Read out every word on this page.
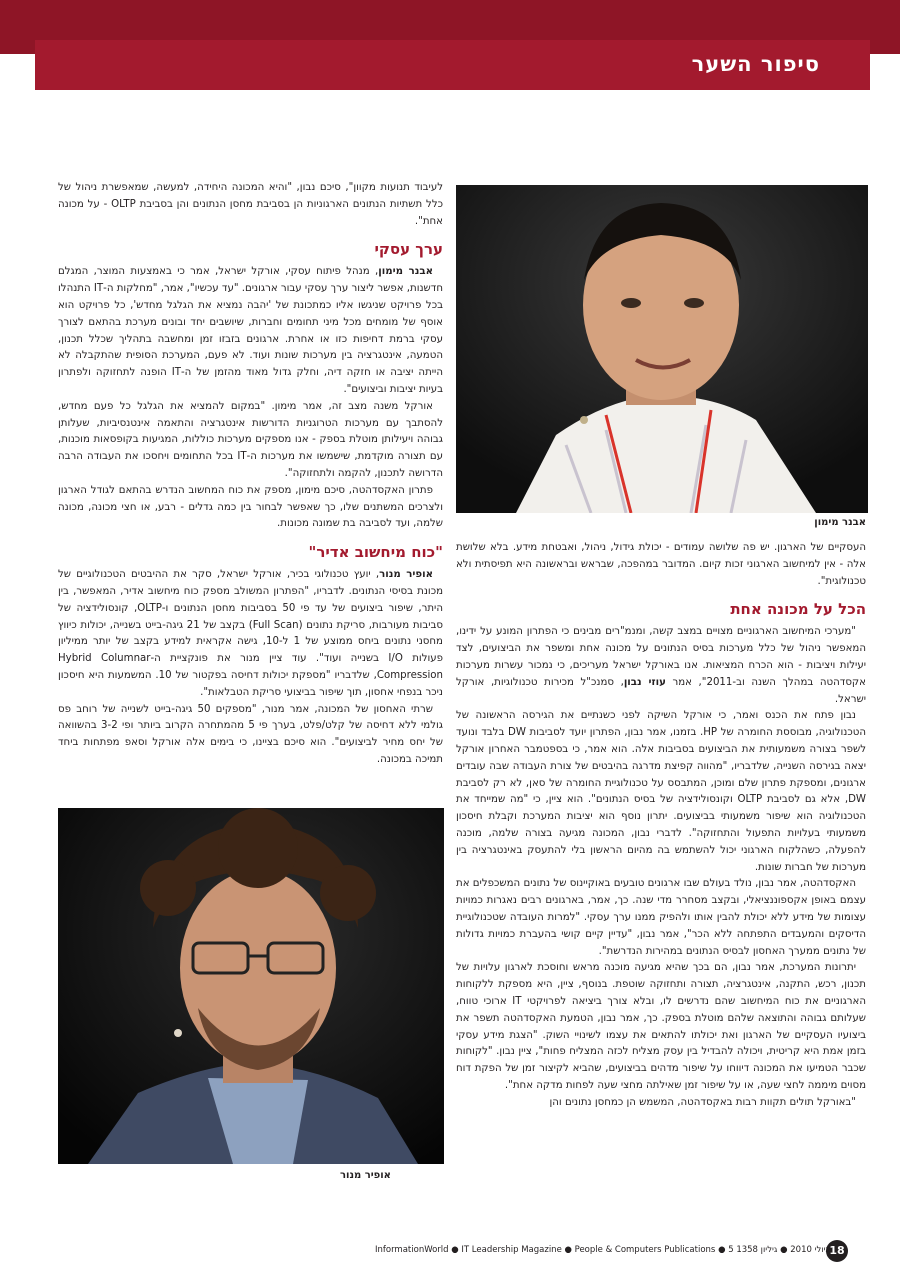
סיפור השער
אבנר מימון
אופיר מנור

לעיבוד תנועות מקוון", סיכם נבון, "והיא המכונה היחידה, למעשה, שמאפשרת ניהול של כלל תשתיות הנתונים הארגוניות הן בסביבת מחסן הנתונים והן בסביבת OLTP - על מכונה אחת".

ערך עסקי

אבנר מימון, מנהל פיתוח עסקי, אורקל ישראל, אמר כי באמצעות המוצר, המגלם חדשנות, אפשר ליצור ערך עסקי עבור ארגונים. "עד עכשיו", אמר, "מחלקות ה-IT התנהלו בכל פרויקט שניגשו אליו כמתכונת של 'יהבה נמציא את הגלגל מחדש', כל פרויקט הוא אוסף של מומחים מכל מיני תחומים וחברות, שיושבים יחד ובונים מערכת בהתאם לצורך עסקי ברמת דחיפות כזו או אחרת. ארגונים בזבזו זמן ומחשבה בתהליך שכלל תכנון, הטמעה, אינטגרציה בין מערכות שונות ועוד. לא פעם, המערכת הסופית שהתקבלה לא הייתה יציבה או חזקה דיה, וחלק גדול מאוד מהזמן של ה-IT הופנה לתחזוקה ולפתרון בעיות יציבות וביצועים".

אורקל משנה מצב זה, אמר מימון. "במקום להמציא את הגלגל כל פעם מחדש, להסתבך עם מערכות הטרוגניות הדורשות אינטגרציה והתאמה אינטנסיביות, שעלותן גבוהה ויעילותן מוטלת בספק - אנו מספקים מערכות כוללות, המגיעות בקופסאות מוכנות, עם תצורה מוקדמת, שישמשו את מערכות ה-IT בכל התחומים ויחסכו את העבודה הרבה הדרושה לתכנון, להקמה ולתחזוקה".

פתרון האקסדהטה, סיכם מימון, מספק את כוח המחשוב הנדרש בהתאם לגודל הארגון ולצרכים המשתנים שלו, כך שאפשר לבחור בין כמה גדלים - רבע, או חצי מכונה, מכונה שלמה, ועד לסביבה בת שמונה מכונות.

"כוח מיחשוב אדיר"

אופיר מנור, יועץ טכנולוגי בכיר, אורקל ישראל, סקר את ההיבטים הטכנולוגיים של מכונת בסיסי הנתונים. לדבריו, "הפתרון המשולב מספק כוח מיחשוב אדיר, המאפשר, בין היתר, שיפור ביצועים של עד פי 50 בסביבות מחסן הנתונים ו-OLTP, קונסולידציה של סביבות מעורבות, סריקת נתונים (Full Scan) בקצב של 21 גיגה-בייט בשנייה, יכולות כיווץ מחסני נתונים ביחס ממוצע של 1 ל-10, גישה אקראית למידע בקצב של יותר ממיליון פעולות I/O בשנייה ועוד". עוד ציין מנור את פונקציית ה-Hybrid Columnar Compression, שלדבריו "מספקת יכולות דחיסה בפקטור של 10. המשמעות היא חיסכון ניכר בנפחי אחסון, תוך שיפור בביצועי סריקת הטבלאות".

שרתי האחסון של המכונה, אמר מנור, "מספקים 50 גיגה-בייט לשנייה של רוחב פס גולמי ללא דחיסה של קלט/פלט, בערך פי 5 מהמתחרה הקרוב ביותר ופי 3-2 בהשוואה של יחס מחיר לביצועים". הוא סיכם בציינו, כי בימים אלה אורקל וסאפ מפתחות ביחד תמיכה במכונה.

העסקיים של הארגון. יש פה שלושה עמודים - יכולת גידול, ניהול, ואבטחת מידע. בלא שלושת אלה - אין למיחשוב הארגוני זכות קיום. המדובר במהפכה, שבראש ובראשונה היא תפיסתית ולא טכנולוגית".

הכל על מכונה אחת

"מערכי המיחשוב הארגוניים מצויים במצב קשה, ומנמ"רים מבינים כי הפתרון המונע על ידינו, המאפשר ניהול של כלל מערכות בסיס הנתונים על מכונה אחת ומשפר את הביצועים, לצד יעילות ויציבות - הוא הכרח המציאות. אנו באורקל ישראל מעריכים, כי נמכור עשרות מערכות אקסדהטה במהלך השנה וב-2011", אמר עוזי נבון, סמנכ"ל מכירות טכנולוגיות, אורקל ישראל.

נבון פתח את הכנס ואמר, כי אורקל השיקה לפני כשנתיים את הגירסה הראשונה של הטכנולוגיה, מבוססת החומרה של HP. בזמנו, אמר נבון, הפתרון יועד לסביבות DW בלבד ונועד לשפר בצורה משמעותית את הביצועים בסביבות אלה. הוא אמר, כי בספטמבר האחרון אורקל יצאה בגירסה השנייה, שלדבריו, "מהווה קפיצת מדרגה בהיבטים של צורת העבודה שבה עובדים ארגונים, ומספקת פתרון שלם ומוכן, המתבסס על טכנולוגיית החומרה של סאן, לא רק לסביבת DW, אלא גם לסביבת OLTP וקונסולידציה של בסיס הנתונים". הוא ציין, כי "מה שמייחד את הטכנולוגיה הוא שיפור משמעותי בביצועים. יתרון נוסף הוא יציבות המערכת וקבלת חיסכון משמעותי בעלויות התפעול והתחזוקה". לדברי נבון, המכונה מגיעה בצורה שלמה, מוכנה להפעלה, כשהלקוח הארגוני יכול להשתמש בה מהיום הראשון בלי להתעסק באינטגרציה בין מערכות של חברות שונות.

האקסדהטה, אמר נבון, נולד בעולם שבו ארגונים טובעים באוקיינוס של נתונים המשכפלים את עצמם באופן אקספוננציאלי, ובקצב מסחרר מדי שנה. כך, אמר, בארגונים רבים נאגרות כמויות עצומות של מידע ללא יכולת להבין אותו ולהפיק ממנו ערך עסקי. "למרות העובדה שטכנולוגיית הדיסקים והמעבדים התפתחה ללא הכר", אמר נבון, "עדיין קיים קושי בהעברת כמויות גדולות של נתונים ממערך האחסון לבסיס הנתונים במהירות הנדרשת".

יתרונות המערכת, אמר נבון, הם בכך שהיא מגיעה מוכנה מראש וחוסכת לארגון עלויות של תכנון, רכש, התקנה, אינטגרציה, תצורה ותחזוקה שוטפת. בנוסף, ציין, היא מספקת ללקוחות הארגוניים את כוח המיחשוב שהם נדרשים לו, ובלא צורך ביציאה לפרויקטי IT ארוכי טווח, שעלותם גבוהה והתוצאה שלהם מוטלת בספק. כך, אמר נבון, הטמעת האקסדהטה תשפר את ביצועיו העסקיים של הארגון ואת יכולתו להתאים את עצמו לשינויי השוק. "הצגת מידע עסקי בזמן אמת היא קריטית, ויכולה להבדיל בין עסק מצליח לכזה המצליח פחות", ציין נבון. "לקוחות שכבר הטמיעו את המכונה דיווחו על שיפור מדהים בביצועים, שהביא לקיצור זמן של הפקת דוח מסוים מיממה לחצי שעה, או על שיפור זמן שאילתה מחצי שעה לפחות מדקה אחת".

"באורקל תולים תקוות רבות באקסדהטה, המשמש הן כמחסן נתונים והן

18
InformationWorld ● IT Leadership Magazine ● People & Computers Publications ● 5 ביולי 2010 ● גיליון 1358
